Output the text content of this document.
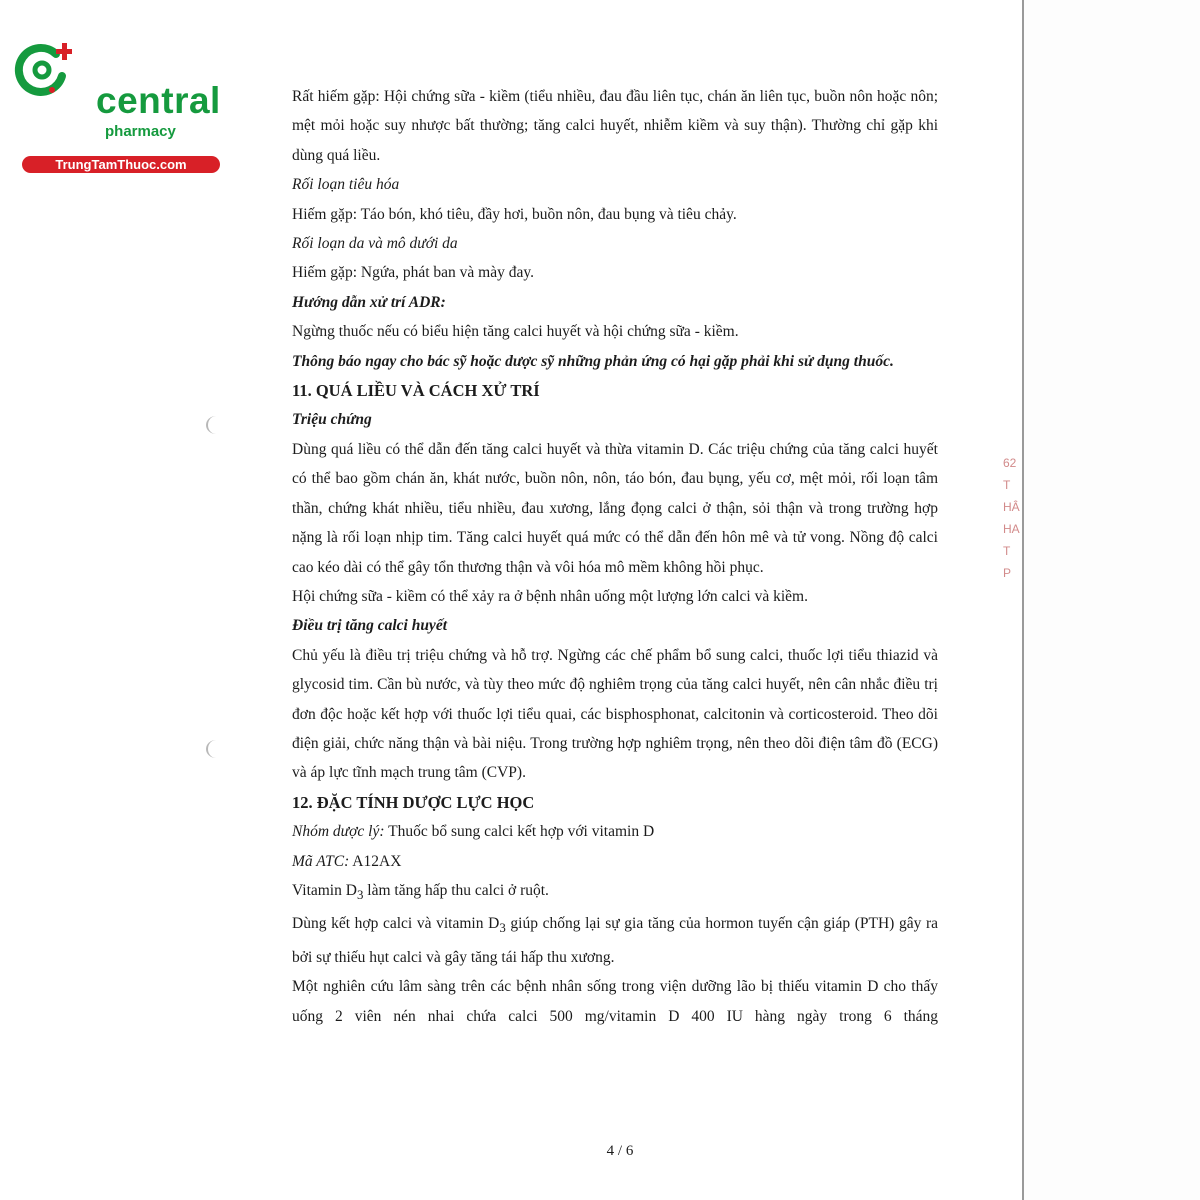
62
T
HÂ
HA
T
P
central
pharmacy
TrungTamThuoc.com

Rất hiếm gặp: Hội chứng sữa - kiềm (tiểu nhiều, đau đầu liên tục, chán ăn liên tục, buồn nôn hoặc nôn; mệt mỏi hoặc suy nhược bất thường; tăng calci huyết, nhiễm kiềm và suy thận). Thường chỉ gặp khi dùng quá liều.

Rối loạn tiêu hóa

Hiếm gặp: Táo bón, khó tiêu, đầy hơi, buồn nôn, đau bụng và tiêu chảy.

Rối loạn da và mô dưới da

Hiếm gặp: Ngứa, phát ban và mày đay.

Hướng dẫn xử trí ADR:

Ngừng thuốc nếu có biểu hiện tăng calci huyết và hội chứng sữa - kiềm.

Thông báo ngay cho bác sỹ hoặc dược sỹ những phản ứng có hại gặp phải khi sử dụng thuốc.

11. QUÁ LIỀU VÀ CÁCH XỬ TRÍ

Triệu chứng

Dùng quá liều có thể dẫn đến tăng calci huyết và thừa vitamin D. Các triệu chứng của tăng calci huyết có thể bao gồm chán ăn, khát nước, buồn nôn, nôn, táo bón, đau bụng, yếu cơ, mệt mỏi, rối loạn tâm thần, chứng khát nhiều, tiểu nhiều, đau xương, lắng đọng calci ở thận, sỏi thận và trong trường hợp nặng là rối loạn nhịp tim. Tăng calci huyết quá mức có thể dẫn đến hôn mê và tử vong. Nồng độ calci cao kéo dài có thể gây tổn thương thận và vôi hóa mô mềm không hồi phục.

Hội chứng sữa - kiềm có thể xảy ra ở bệnh nhân uống một lượng lớn calci và kiềm.

Điều trị tăng calci huyết

Chủ yếu là điều trị triệu chứng và hỗ trợ. Ngừng các chế phẩm bổ sung calci, thuốc lợi tiểu thiazid và glycosid tim. Cần bù nước, và tùy theo mức độ nghiêm trọng của tăng calci huyết, nên cân nhắc điều trị đơn độc hoặc kết hợp với thuốc lợi tiểu quai, các bisphosphonat, calcitonin và corticosteroid. Theo dõi điện giải, chức năng thận và bài niệu. Trong trường hợp nghiêm trọng, nên theo dõi điện tâm đồ (ECG) và áp lực tĩnh mạch trung tâm (CVP).

12. ĐẶC TÍNH DƯỢC LỰC HỌC

Nhóm dược lý: Thuốc bổ sung calci kết hợp với vitamin D

Mã ATC: A12AX

Vitamin $D_3$ làm tăng hấp thu calci ở ruột.

Dùng kết hợp calci và vitamin $D_3$ giúp chống lại sự gia tăng của hormon tuyến cận giáp (PTH) gây ra bởi sự thiếu hụt calci và gây tăng tái hấp thu xương.

Một nghiên cứu lâm sàng trên các bệnh nhân sống trong viện dưỡng lão bị thiếu vitamin D cho thấy uống 2 viên nén nhai chứa calci 500 mg/vitamin D 400 IU hàng ngày trong 6 tháng

4 / 6
